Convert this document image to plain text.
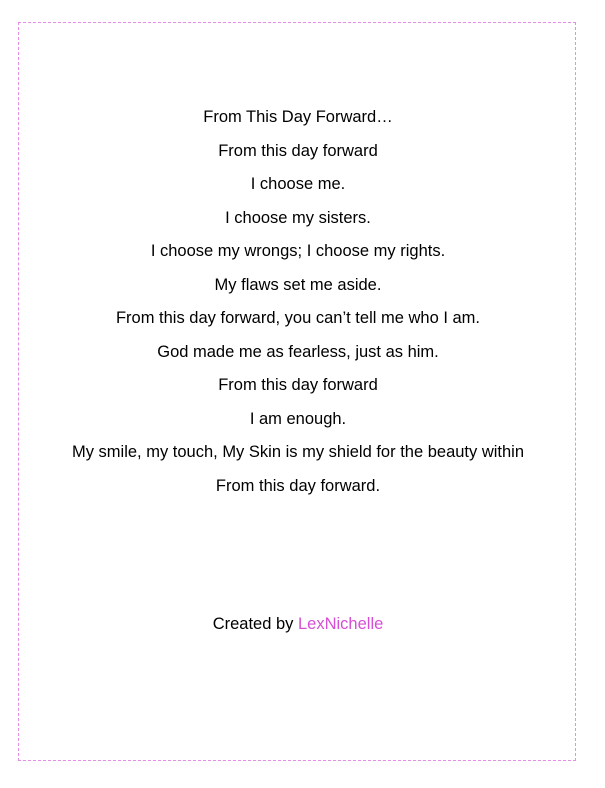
From This Day Forward…
From this day forward
I choose me.
I choose my sisters.
I choose my wrongs; I choose my rights.
My flaws set me aside.
From this day forward, you can’t tell me who I am.
God made me as fearless, just as him.
From this day forward
I am enough.
My smile, my touch, My Skin is my shield for the beauty within
From this day forward.
Created by LexNichelle
